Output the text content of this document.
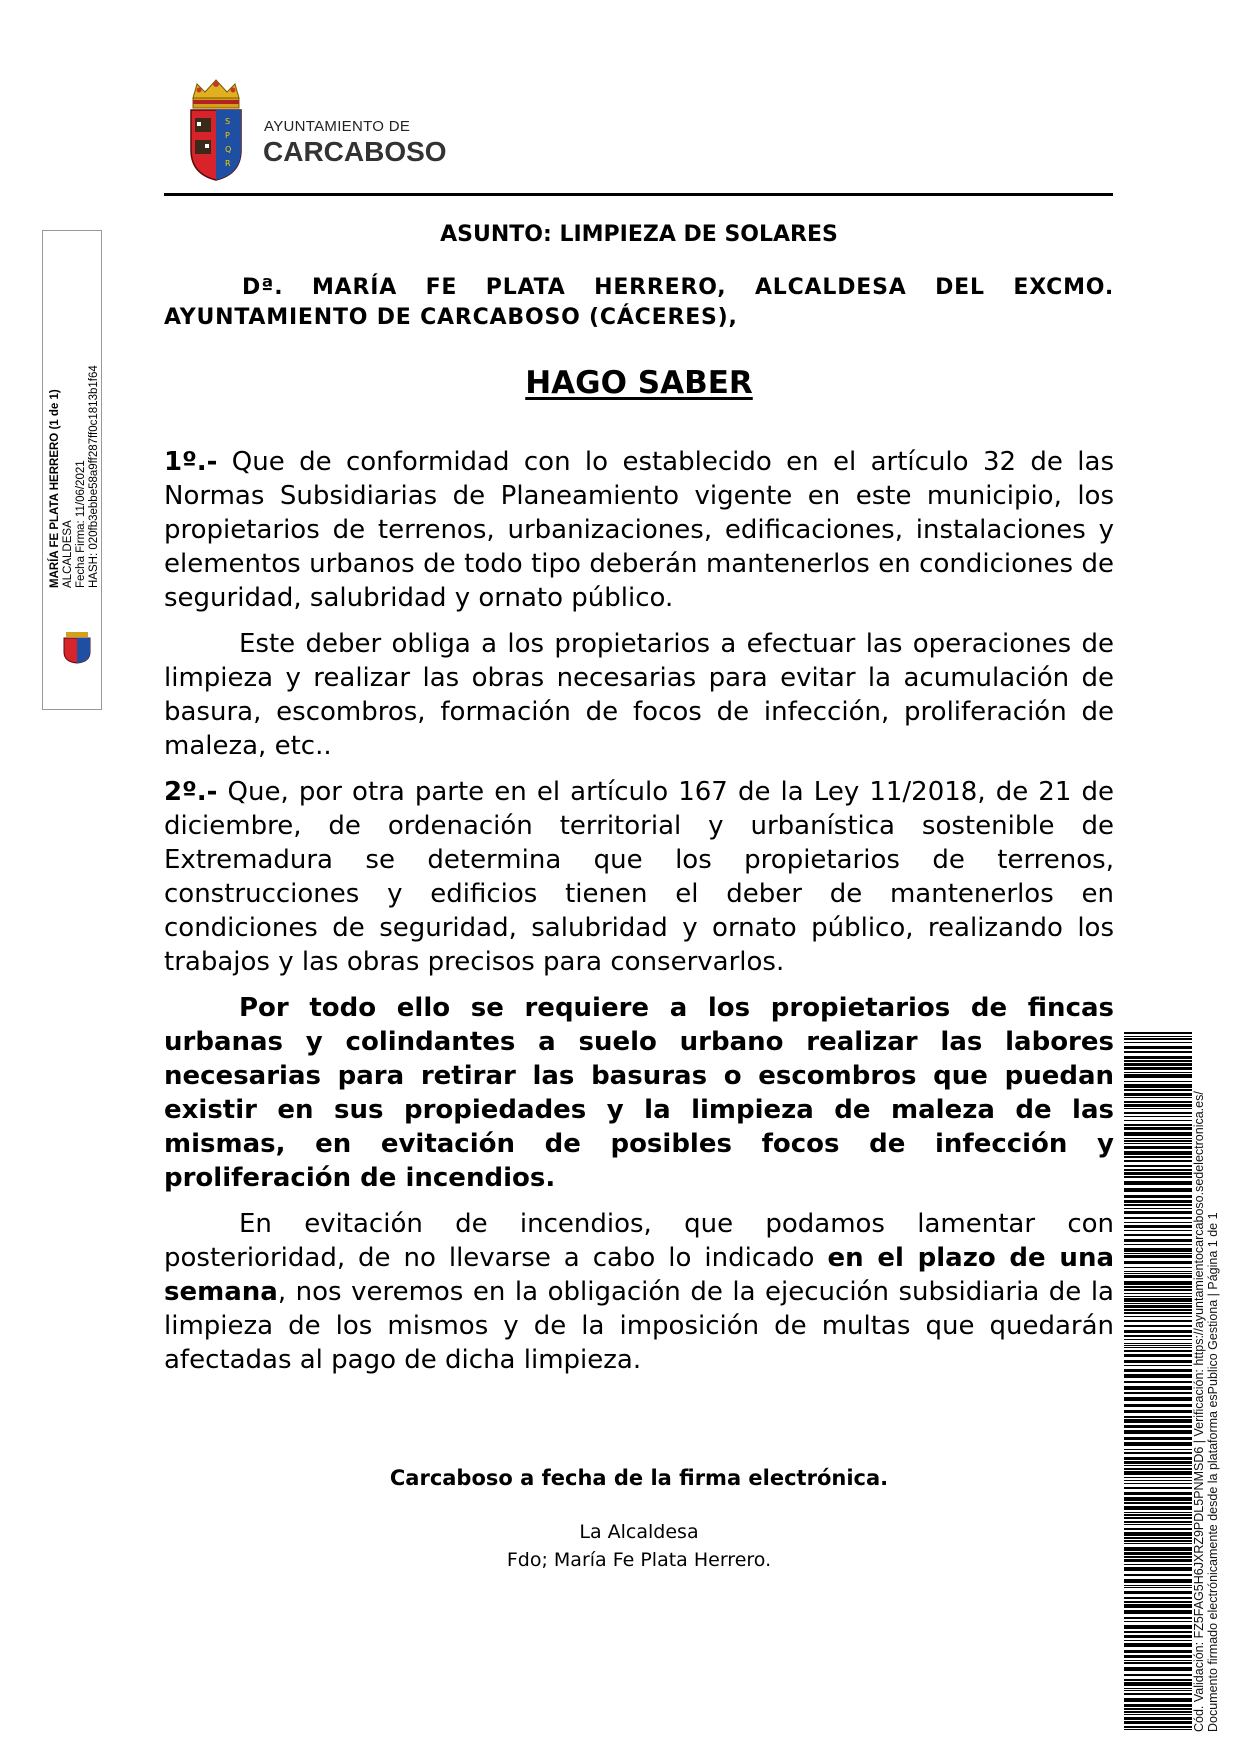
S
P
Q
R
AYUNTAMIENTO DE
CARCABOSO
MARÍA FE PLATA HERRERO (1 de 1) ALCALDESA Fecha Firma: 11/06/2021 HASH: 020fb3ebbe58a9ff287ff0c1813b1f64
ASUNTO: LIMPIEZA DE SOLARES
Dª. MARÍA FE PLATA HERRERO, ALCALDESA DEL EXCMO. AYUNTAMIENTO DE CARCABOSO (CÁCERES),
HAGO SABER

1º.- Que de conformidad con lo establecido en el artículo 32 de las Normas Subsidiarias de Planeamiento vigente en este municipio, los propietarios de terrenos, urbanizaciones, edificaciones, instalaciones y elementos urbanos de todo tipo deberán mantenerlos en condiciones de seguridad, salubridad y ornato público.

Este deber obliga a los propietarios a efectuar las operaciones de limpieza y realizar las obras necesarias para evitar la acumulación de basura, escombros, formación de focos de infección, proliferación de maleza, etc..

2º.- Que, por otra parte en el artículo 167 de la Ley 11/2018, de 21 de diciembre, de ordenación territorial y urbanística sostenible de Extremadura se determina que los propietarios de terrenos, construcciones y edificios tienen el deber de mantenerlos en condiciones de seguridad, salubridad y ornato público, realizando los trabajos y las obras precisos para conservarlos.

Por todo ello se requiere a los propietarios de fincas urbanas y colindantes a suelo urbano realizar las labores necesarias para retirar las basuras o escombros que puedan existir en sus propiedades y la limpieza de maleza de las mismas, en evitación de posibles focos de infección y proliferación de incendios.

En evitación de incendios, que podamos lamentar con posterioridad, de no llevarse a cabo lo indicado en el plazo de una semana, nos veremos en la obligación de la ejecución subsidiaria de la limpieza de los mismos y de la imposición de multas que quedarán afectadas al pago de dicha limpieza.

Carcaboso a fecha de la firma electrónica.
La Alcaldesa
Fdo; María Fe Plata Herrero.	Cód. Validación: FZ5FAG5H6JXRZ9PDL5PNMSD6 | Verificación: https://ayuntamientocarcaboso.sedelectronica.es/ Documento firmado electrónicamente desde la plataforma esPublico Gestiona | Página 1 de 1
